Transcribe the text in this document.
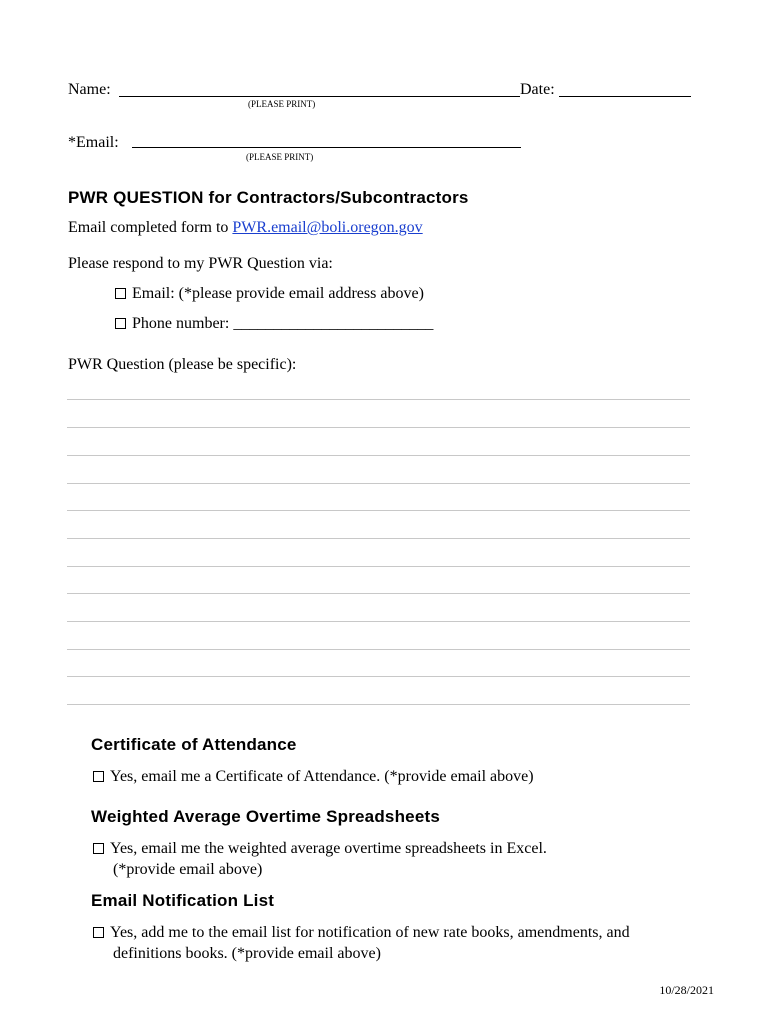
Name:
(PLEASE PRINT)
Date:
*Email:
(PLEASE PRINT)
PWR QUESTION for Contractors/Subcontractors
Email completed form to PWR.email@boli.oregon.gov
Please respond to my PWR Question via:
Email: (*please provide email address above)
Phone number: _________________________
PWR Question (please be specific):
Certificate of Attendance
Yes, email me a Certificate of Attendance. (*provide email above)
Weighted Average Overtime Spreadsheets
Yes, email me the weighted average overtime spreadsheets in Excel.
(*provide email above)
Email Notification List
Yes, add me to the email list for notification of new rate books, amendments, and
definitions books. (*provide email above)
10/28/2021
